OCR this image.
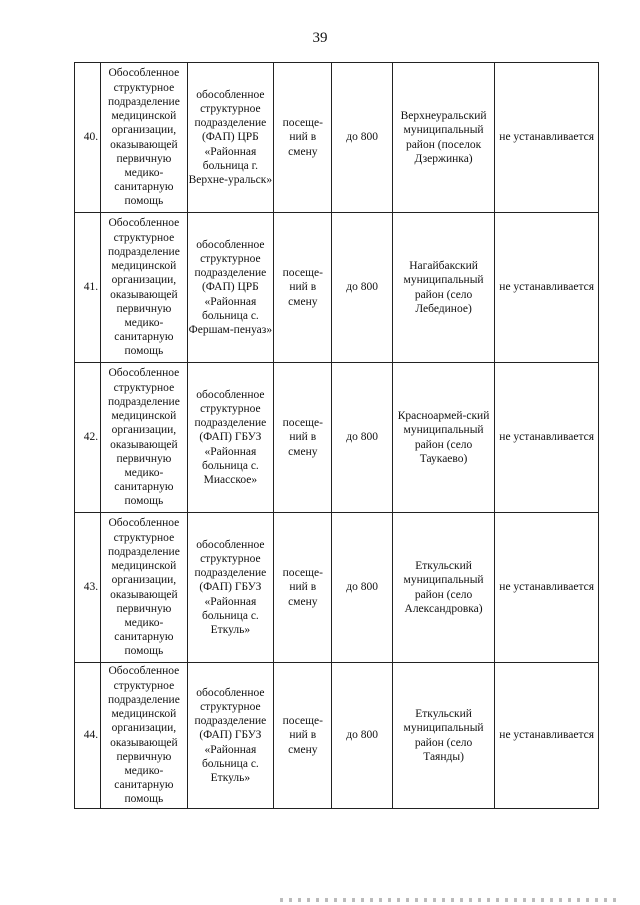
39
40.	Обособленное структурное подразделение медицинской организации, оказывающей первичную медико-санитарную помощь	обособленное структурное подразделение (ФАП) ЦРБ «Районная больница г. Верхне-уральск»	посеще-ний в смену	до 800	Верхнеуральский муниципальный район (поселок Дзержинка)	не устанавливается
41.	Обособленное структурное подразделение медицинской организации, оказывающей первичную медико-санитарную помощь	обособленное структурное подразделение (ФАП) ЦРБ «Районная больница с. Фершам-пенуаз»	посеще-ний в смену	до 800	Нагайбакский муниципальный район (село Лебединое)	не устанавливается
42.	Обособленное структурное подразделение медицинской организации, оказывающей первичную медико-санитарную помощь	обособленное структурное подразделение (ФАП) ГБУЗ «Районная больница с. Миасское»	посеще-ний в смену	до 800	Красноармей-ский муниципальный район (село Таукаево)	не устанавливается
43.	Обособленное структурное подразделение медицинской организации, оказывающей первичную медико-санитарную помощь	обособленное структурное подразделение (ФАП) ГБУЗ «Районная больница с. Еткуль»	посеще-ний в смену	до 800	Еткульский муниципальный район (село Александровка)	не устанавливается
44.	Обособленное структурное подразделение медицинской организации, оказывающей первичную медико-санитарную помощь	обособленное структурное подразделение (ФАП) ГБУЗ «Районная больница с. Еткуль»	посеще-ний в смену	до 800	Еткульский муниципальный район (село Таянды)	не устанавливается
